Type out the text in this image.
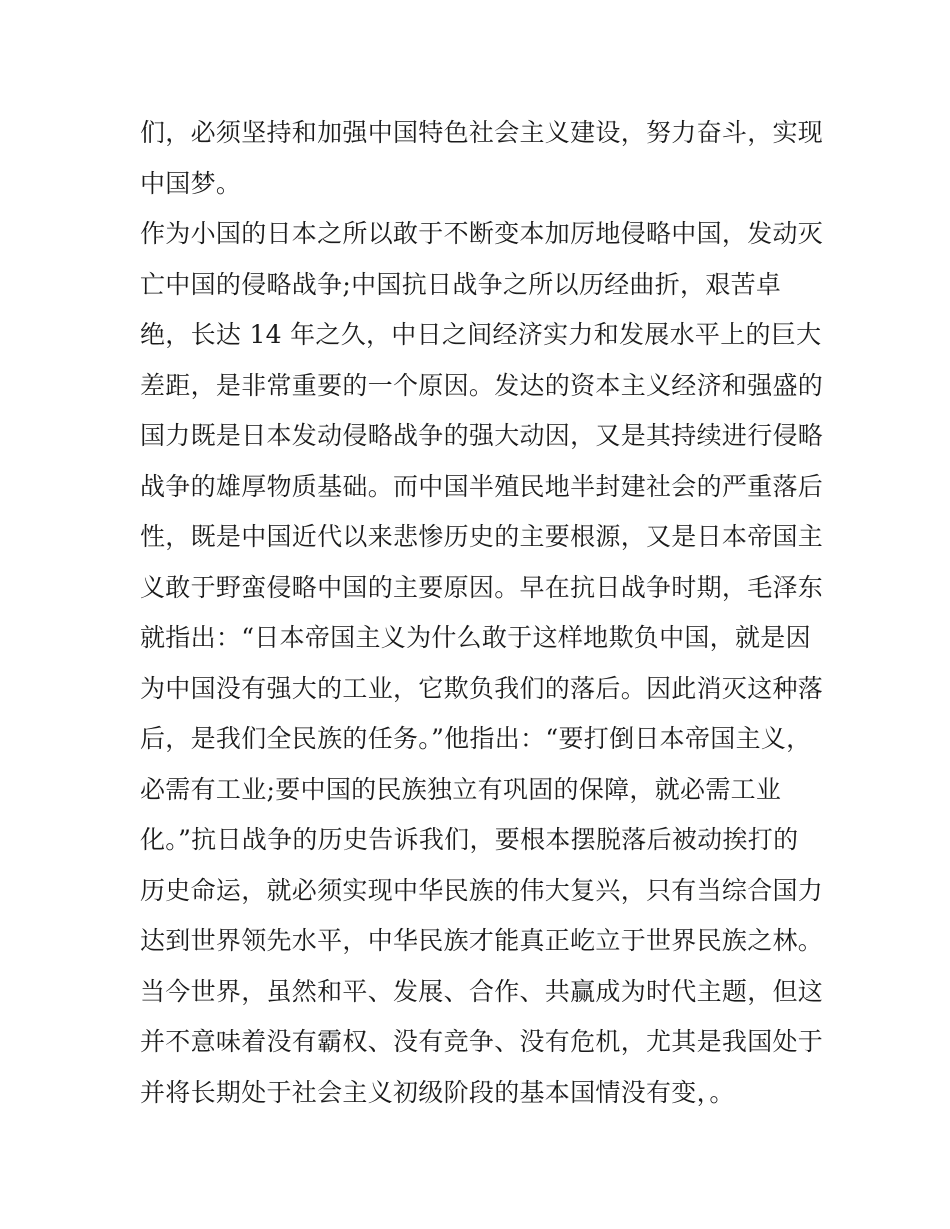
们，必须坚持和加强中国特色社会主义建设，努力奋斗，实现
中国梦。
作为小国的日本之所以敢于不断变本加厉地侵略中国，发动灭
亡中国的侵略战争;中国抗日战争之所以历经曲折，艰苦卓
绝，长达 14 年之久，中日之间经济实力和发展水平上的巨大
差距，是非常重要的一个原因。发达的资本主义经济和强盛的
国力既是日本发动侵略战争的强大动因，又是其持续进行侵略
战争的雄厚物质基础。而中国半殖民地半封建社会的严重落后
性，既是中国近代以来悲惨历史的主要根源，又是日本帝国主
义敢于野蛮侵略中国的主要原因。早在抗日战争时期，毛泽东
就指出：“日本帝国主义为什么敢于这样地欺负中国，就是因
为中国没有强大的工业，它欺负我们的落后。因此消灭这种落
后，是我们全民族的任务。”他指出：“要打倒日本帝国主义，
必需有工业;要中国的民族独立有巩固的保障，就必需工业
化。”抗日战争的历史告诉我们，要根本摆脱落后被动挨打的
历史命运，就必须实现中华民族的伟大复兴，只有当综合国力
达到世界领先水平，中华民族才能真正屹立于世界民族之林。
当今世界，虽然和平、发展、合作、共赢成为时代主题，但这
并不意味着没有霸权、没有竞争、没有危机，尤其是我国处于
并将长期处于社会主义初级阶段的基本国情没有变，。
